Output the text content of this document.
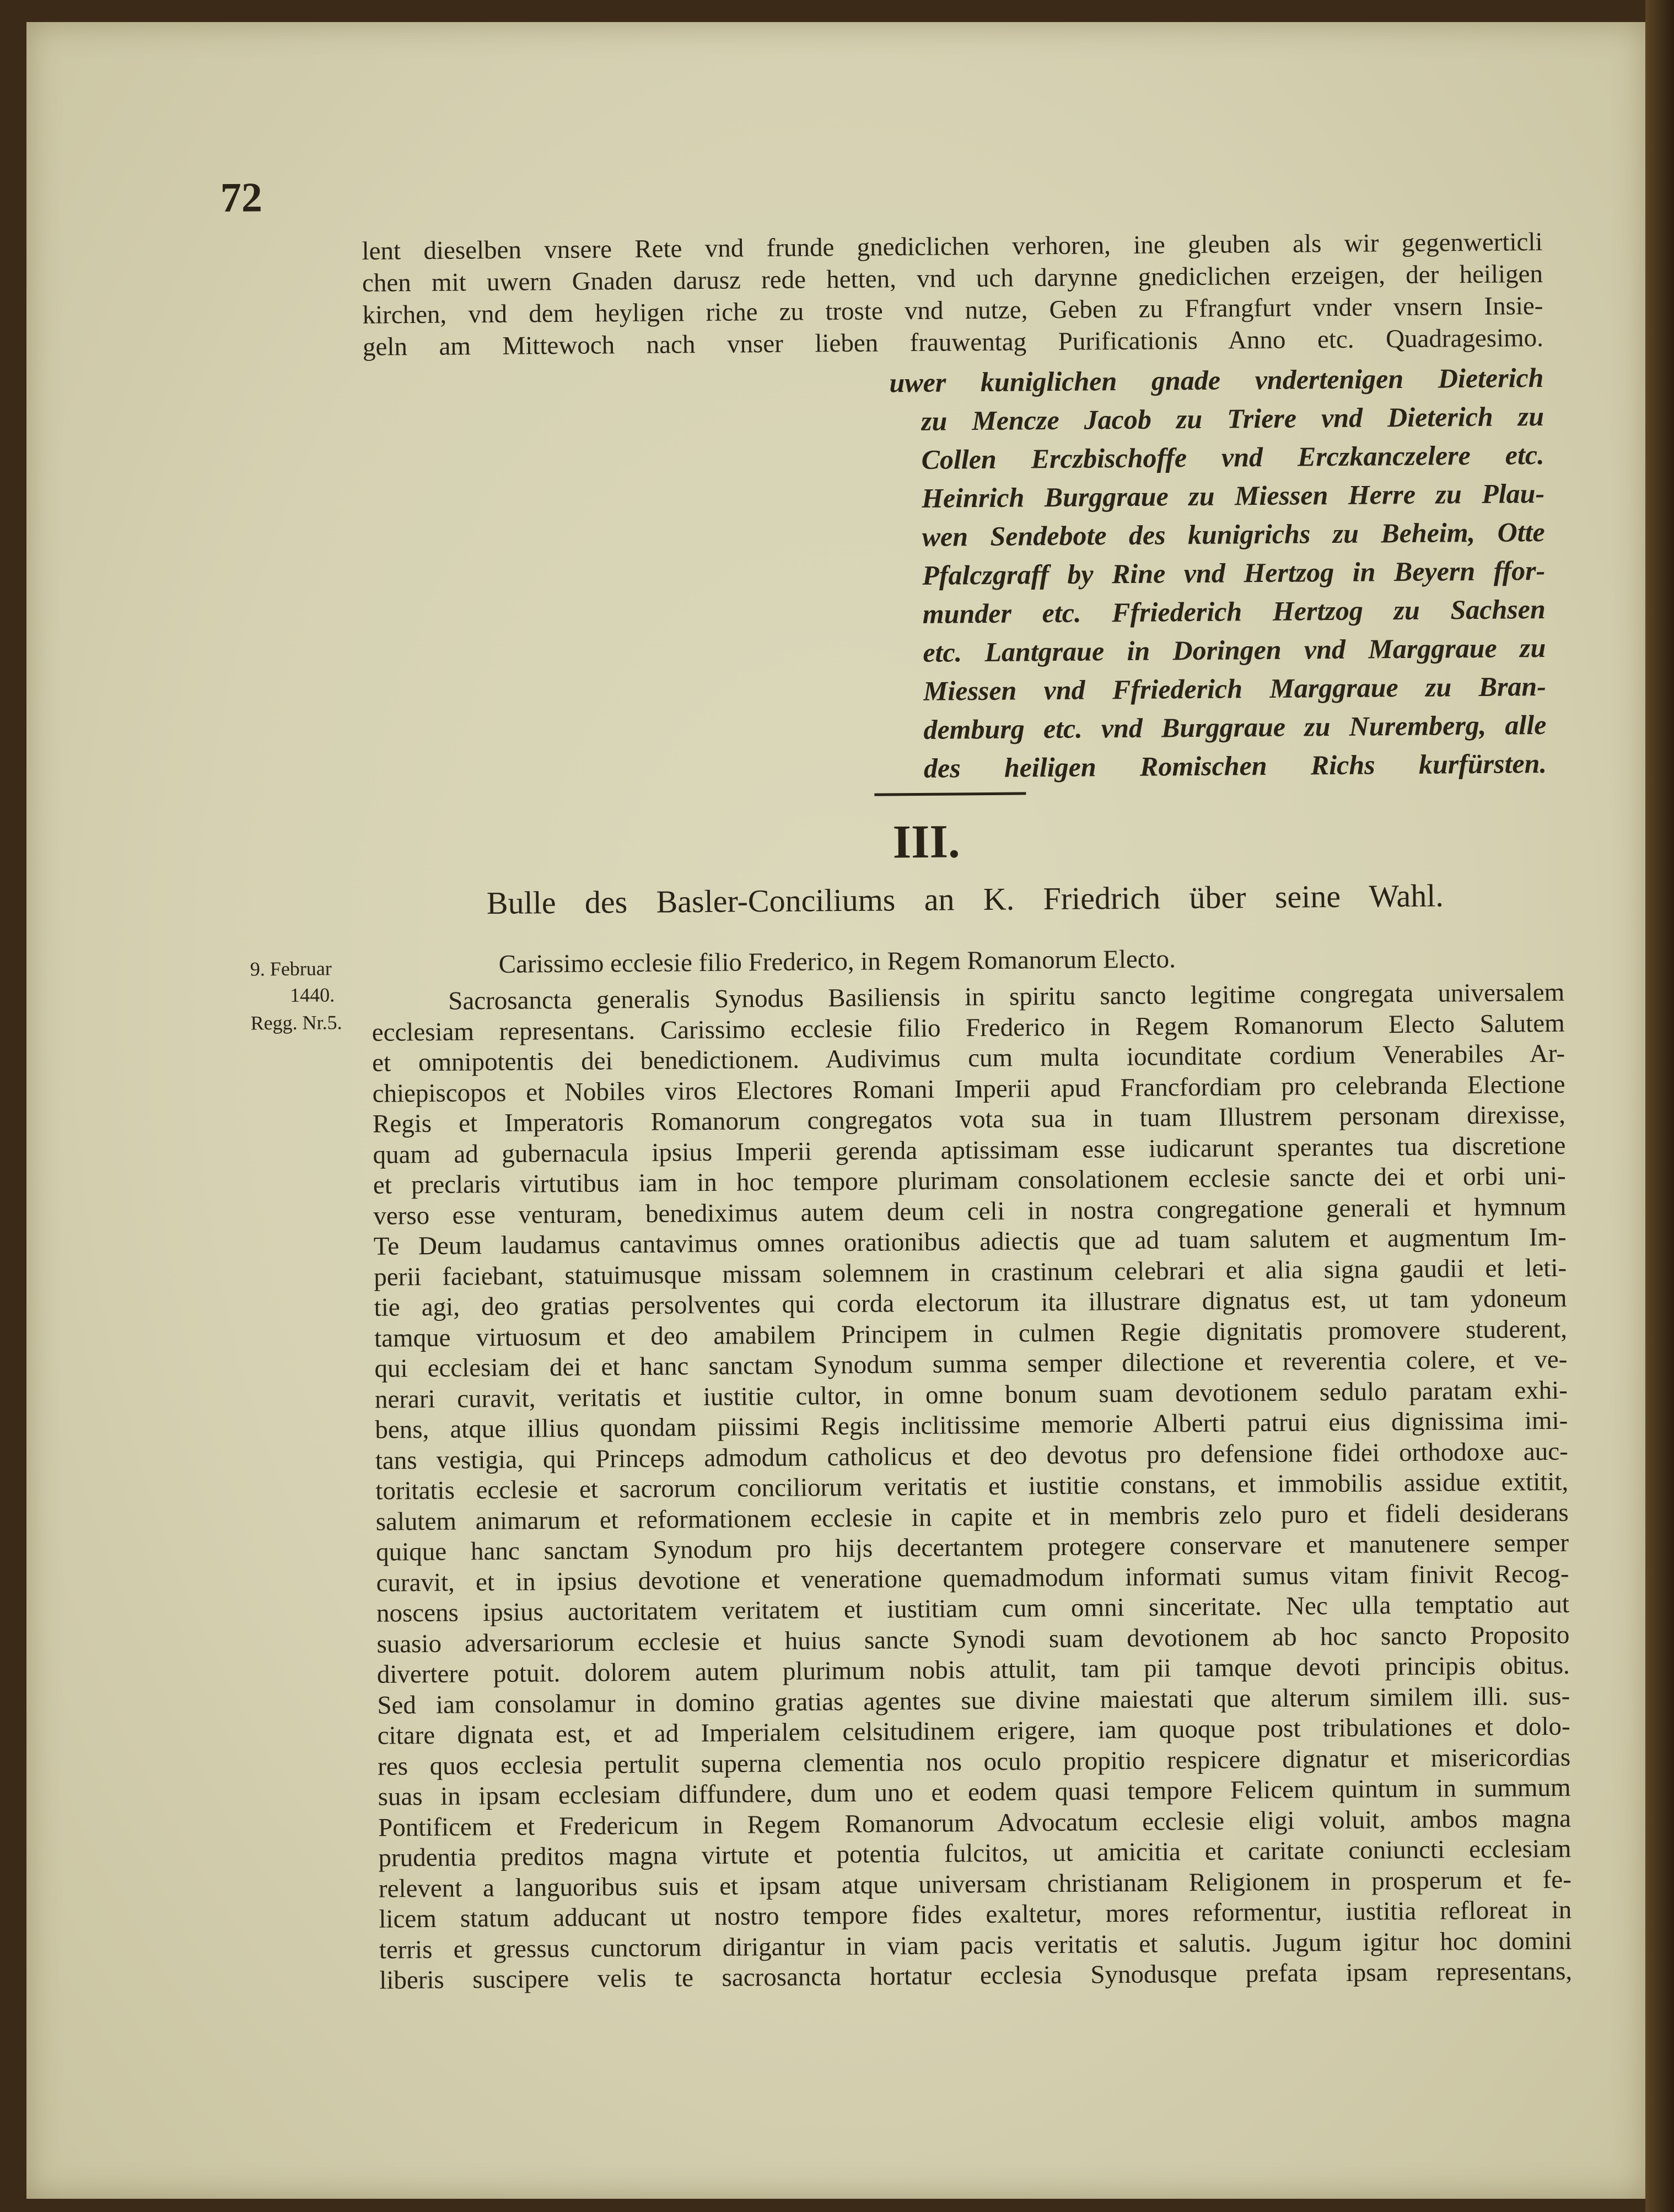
72
lent dieselben vnsere Rete vnd frunde gnediclichen verhoren, ine gleuben als wir gegenwerticli
chen mit uwern Gnaden darusz rede hetten, vnd uch darynne gnediclichen erzeigen, der heiligen
kirchen, vnd dem heyligen riche zu troste vnd nutze, Geben zu Ffrangfurt vnder vnsern Insie-
geln am Mittewoch nach vnser lieben frauwentag Purificationis Anno etc. Quadragesimo.
uwer kuniglichen gnade vndertenigen Dieterich
zu Mencze Jacob zu Triere vnd Dieterich zu
Collen Erczbischoffe vnd Erczkanczelere etc.
Heinrich Burggraue zu Miessen Herre zu Plau-
wen Sendebote des kunigrichs zu Beheim, Otte
Pfalczgraff by Rine vnd Hertzog in Beyern ffor-
munder etc. Ffriederich Hertzog zu Sachsen
etc. Lantgraue in Doringen vnd Marggraue zu
Miessen vnd Ffriederich Marggraue zu Bran-
demburg etc. vnd Burggraue zu Nuremberg, alle
des heiligen Romischen Richs kurfürsten.
III.
Bulle des Basler-Conciliums an K. Friedrich über seine Wahl.
9. Februar
1440.
Regg. Nr.5.
Carissimo ecclesie filio Frederico, in Regem Romanorum Electo.
Sacrosancta generalis Synodus Basiliensis in spiritu sancto legitime congregata universalem
ecclesiam representans. Carissimo ecclesie filio Frederico in Regem Romanorum Electo Salutem
et omnipotentis dei benedictionem. Audivimus cum multa iocunditate cordium Venerabiles Ar-
chiepiscopos et Nobiles viros Electores Romani Imperii apud Francfordiam pro celebranda Electione
Regis et Imperatoris Romanorum congregatos vota sua in tuam Illustrem personam direxisse,
quam ad gubernacula ipsius Imperii gerenda aptissimam esse iudicarunt sperantes tua discretione
et preclaris virtutibus iam in hoc tempore plurimam consolationem ecclesie sancte dei et orbi uni-
verso esse venturam, benediximus autem deum celi in nostra congregatione generali et hymnum
Te Deum laudamus cantavimus omnes orationibus adiectis que ad tuam salutem et augmentum Im-
perii faciebant, statuimusque missam solemnem in crastinum celebrari et alia signa gaudii et leti-
tie agi, deo gratias persolventes qui corda electorum ita illustrare dignatus est, ut tam ydoneum
tamque virtuosum et deo amabilem Principem in culmen Regie dignitatis promovere studerent,
qui ecclesiam dei et hanc sanctam Synodum summa semper dilectione et reverentia colere, et ve-
nerari curavit, veritatis et iustitie cultor, in omne bonum suam devotionem sedulo paratam exhi-
bens, atque illius quondam piissimi Regis inclitissime memorie Alberti patrui eius dignissima imi-
tans vestigia, qui Princeps admodum catholicus et deo devotus pro defensione fidei orthodoxe auc-
toritatis ecclesie et sacrorum conciliorum veritatis et iustitie constans, et immobilis assidue extitit,
salutem animarum et reformationem ecclesie in capite et in membris zelo puro et fideli desiderans
quique hanc sanctam Synodum pro hijs decertantem protegere conservare et manutenere semper
curavit, et in ipsius devotione et veneratione quemadmodum informati sumus vitam finivit Recog-
noscens ipsius auctoritatem veritatem et iustitiam cum omni sinceritate. Nec ulla temptatio aut
suasio adversariorum ecclesie et huius sancte Synodi suam devotionem ab hoc sancto Proposito
divertere potuit. dolorem autem plurimum nobis attulit, tam pii tamque devoti principis obitus.
Sed iam consolamur in domino gratias agentes sue divine maiestati que alterum similem illi. sus-
citare dignata est, et ad Imperialem celsitudinem erigere, iam quoque post tribulationes et dolo-
res quos ecclesia pertulit superna clementia nos oculo propitio respicere dignatur et misericordias
suas in ipsam ecclesiam diffundere, dum uno et eodem quasi tempore Felicem quintum in summum
Pontificem et Fredericum in Regem Romanorum Advocatum ecclesie eligi voluit, ambos magna
prudentia preditos magna virtute et potentia fulcitos, ut amicitia et caritate coniuncti ecclesiam
relevent a languoribus suis et ipsam atque universam christianam Religionem in prosperum et fe-
licem statum adducant ut nostro tempore fides exaltetur, mores reformentur, iustitia refloreat in
terris et gressus cunctorum dirigantur in viam pacis veritatis et salutis. Jugum igitur hoc domini
liberis suscipere velis te sacrosancta hortatur ecclesia Synodusque prefata ipsam representans,
